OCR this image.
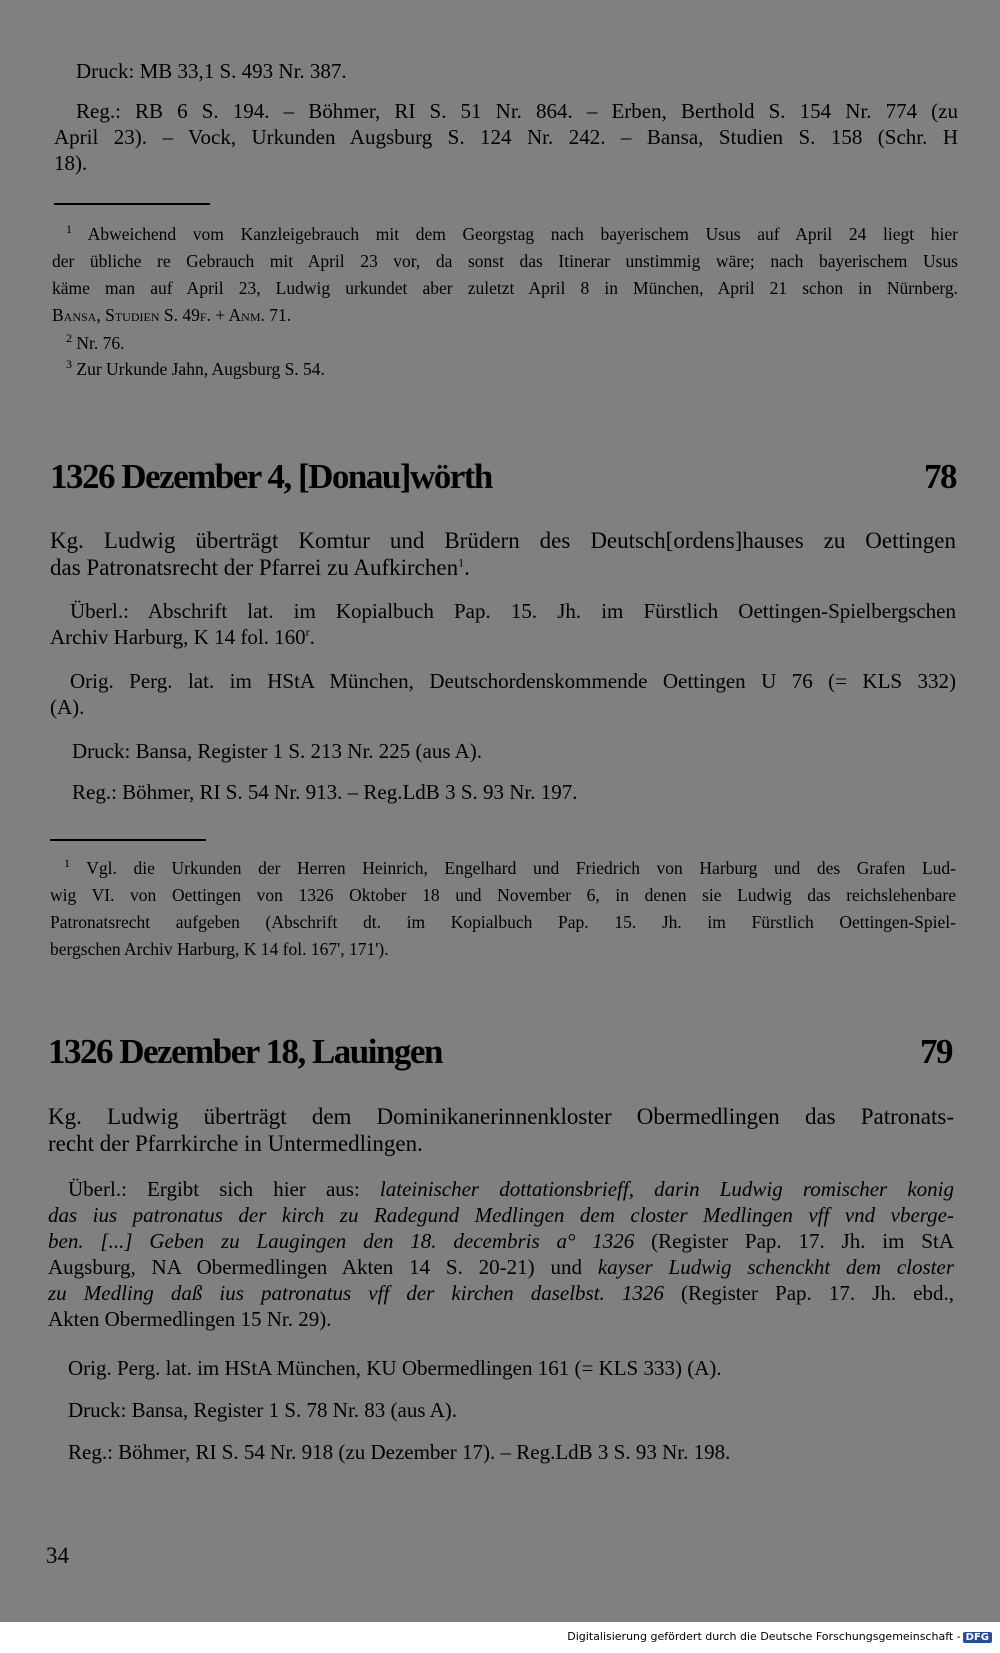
Druck: MB 33,1 S. 493 Nr. 387.
Reg.: RB 6 S. 194. – Böhmer, RI S. 51 Nr. 864. – Erben, Berthold S. 154 Nr. 774 (zu
April 23). – Vock, Urkunden Augsburg S. 124 Nr. 242. – Bansa, Studien S. 158 (Schr. H
18).
$^1$ Abweichend vom Kanzleigebrauch mit dem Georgstag nach bayerischem Usus auf April 24 liegt hier
der übliche re Gebrauch mit April 23 vor, da sonst das Itinerar unstimmig wäre; nach bayerischem Usus
käme man auf April 23, Ludwig urkundet aber zuletzt April 8 in München, April 21 schon in Nürnberg.
Bansa, Studien S. 49f. + Anm. 71.
$^2$ Nr. 76.
$^3$ Zur Urkunde Jahn, Augsburg S. 54.
1326 Dezember 4, [Donau]wörth	78
Kg. Ludwig überträgt Komtur und Brüdern des Deutsch[ordens]hauses zu Oettingen
das Patronatsrecht der Pfarrei zu Aufkirchen$^1$.
Überl.: Abschrift lat. im Kopialbuch Pap. 15. Jh. im Fürstlich Oettingen-Spielbergschen
Archiv Harburg, K 14 fol. 160$^r$.
Orig. Perg. lat. im HStA München, Deutschordenskommende Oettingen U 76 (= KLS 332)
(A).
Druck: Bansa, Register 1 S. 213 Nr. 225 (aus A).
Reg.: Böhmer, RI S. 54 Nr. 913. – Reg.LdB 3 S. 93 Nr. 197.
$^1$ Vgl. die Urkunden der Herren Heinrich, Engelhard und Friedrich von Harburg und des Grafen Lud-
wig VI. von Oettingen von 1326 Oktober 18 und November 6, in denen sie Ludwig das reichslehenbare
Patronatsrecht aufgeben (Abschrift dt. im Kopialbuch Pap. 15. Jh. im Fürstlich Oettingen-Spiel-
bergschen Archiv Harburg, K 14 fol. 167', 171').
1326 Dezember 18, Lauingen	79
Kg. Ludwig überträgt dem Dominikanerinnenkloster Obermedlingen das Patronats-
recht der Pfarrkirche in Untermedlingen.
Überl.: Ergibt sich hier aus: lateinischer dottationsbrieff, darin Ludwig romischer konig
das ius patronatus der kirch zu Radegund Medlingen dem closter Medlingen vff vnd vberge-
ben. [...] Geben zu Laugingen den 18. decembris a° 1326 (Register Pap. 17. Jh. im StA
Augsburg, NA Obermedlingen Akten 14 S. 20-21) und kayser Ludwig schenckht dem closter
zu Medling daß ius patronatus vff der kirchen daselbst. 1326 (Register Pap. 17. Jh. ebd.,
Akten Obermedlingen 15 Nr. 29).
Orig. Perg. lat. im HStA München, KU Obermedlingen 161 (= KLS 333) (A).
Druck: Bansa, Register 1 S. 78 Nr. 83 (aus A).
Reg.: Böhmer, RI S. 54 Nr. 918 (zu Dezember 17). – Reg.LdB 3 S. 93 Nr. 198.
34
Digitalisierung gefördert durch die Deutsche Forschungsgemeinschaft - DFG
